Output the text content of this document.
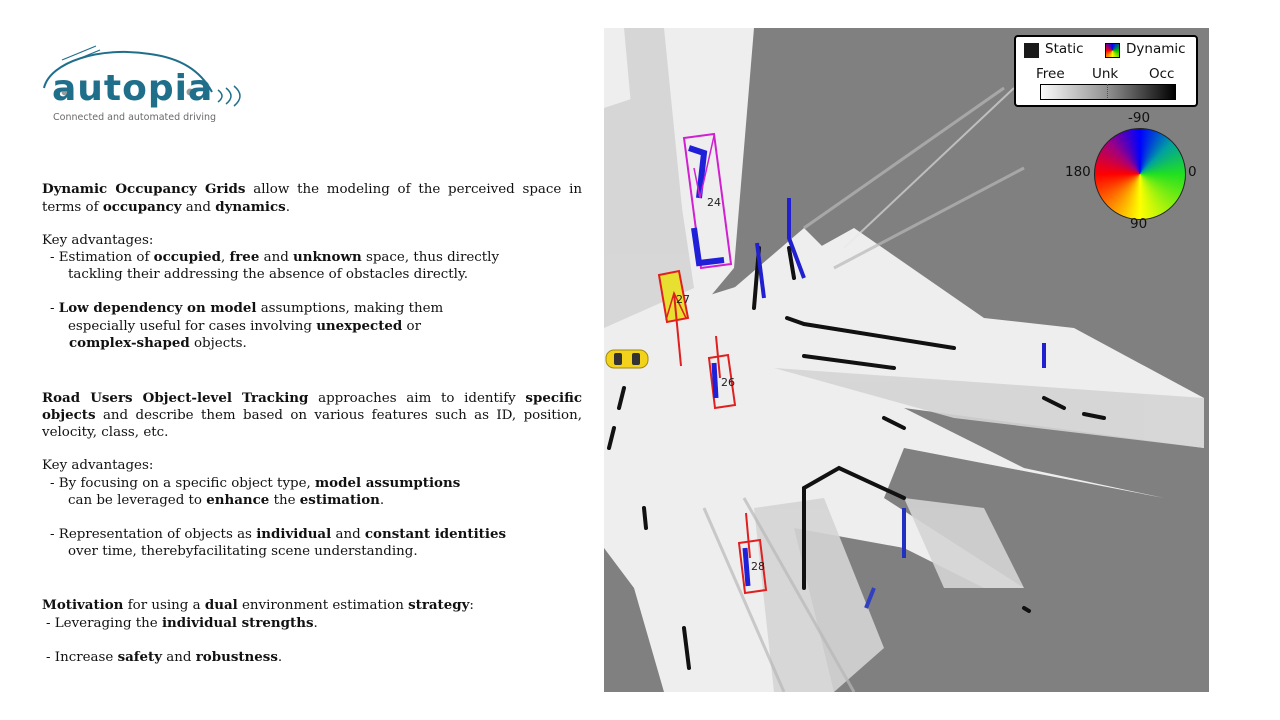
autopia
Connected and automated driving

Dynamic Occupancy Grids allow the modeling of the perceived space in terms of occupancy and dynamics.

Key advantages:

- Estimation of occupied, free and unknown space, thus directly
tackling their addressing the absence of obstacles directly.

- Low dependency on model assumptions, making them
especially useful for cases involving unexpected or
complex-shaped objects.

Road Users Object-level Tracking approaches aim to identify specific objects and describe them based on various features such as ID, position, velocity, class, etc.

Key advantages:

- By focusing on a specific object type, model assumptions
can be leveraged to enhance the estimation.

- Representation of objects as individual and constant identities
over time, therebyfacilitating scene understanding.

Motivation for using a dual environment estimation strategy:

- Leveraging the individual strengths.

- Increase safety and robustness.

24
27
26
28
Static	Dynamic
Free Unk Occ
-90
0
90
180
